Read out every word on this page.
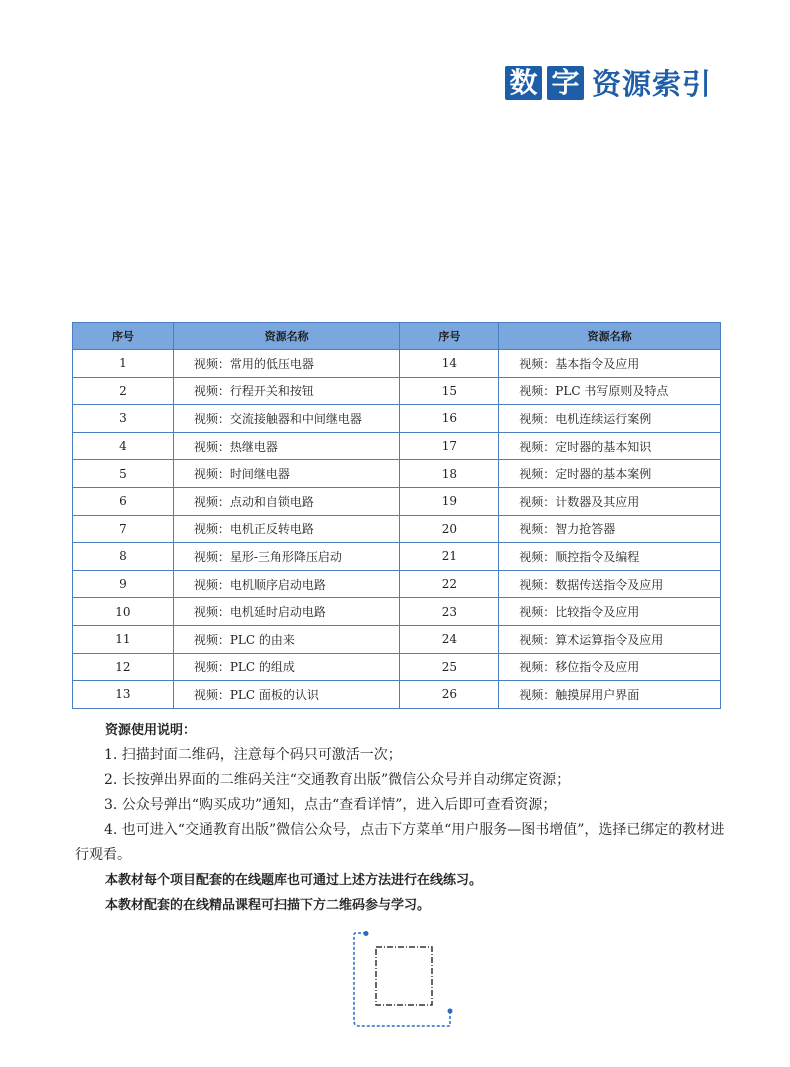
数 字 资源索引
序号	资源名称	序号	资源名称
1	视频：常用的低压电器	14	视频：基本指令及应用
2	视频：行程开关和按钮	15	视频：PLC 书写原则及特点
3	视频：交流接触器和中间继电器	16	视频：电机连续运行案例
4	视频：热继电器	17	视频：定时器的基本知识
5	视频：时间继电器	18	视频：定时器的基本案例
6	视频：点动和自锁电路	19	视频：计数器及其应用
7	视频：电机正反转电路	20	视频：智力抢答器
8	视频：星形-三角形降压启动	21	视频：顺控指令及编程
9	视频：电机顺序启动电路	22	视频：数据传送指令及应用
10	视频：电机延时启动电路	23	视频：比较指令及应用
11	视频：PLC 的由来	24	视频：算术运算指令及应用
12	视频：PLC 的组成	25	视频：移位指令及应用
13	视频：PLC 面板的认识	26	视频：触摸屏用户界面
资源使用说明：
1. 扫描封面二维码，注意每个码只可激活一次；
2. 长按弹出界面的二维码关注“交通教育出版”微信公众号并自动绑定资源；
3. 公众号弹出“购买成功”通知，点击“查看详情”，进入后即可查看资源；
4. 也可进入“交通教育出版”微信公众号，点击下方菜单“用户服务—图书增值”，选择已绑定的教材进行观看。
本教材每个项目配套的在线题库也可通过上述方法进行在线练习。
本教材配套的在线精品课程可扫描下方二维码参与学习。
